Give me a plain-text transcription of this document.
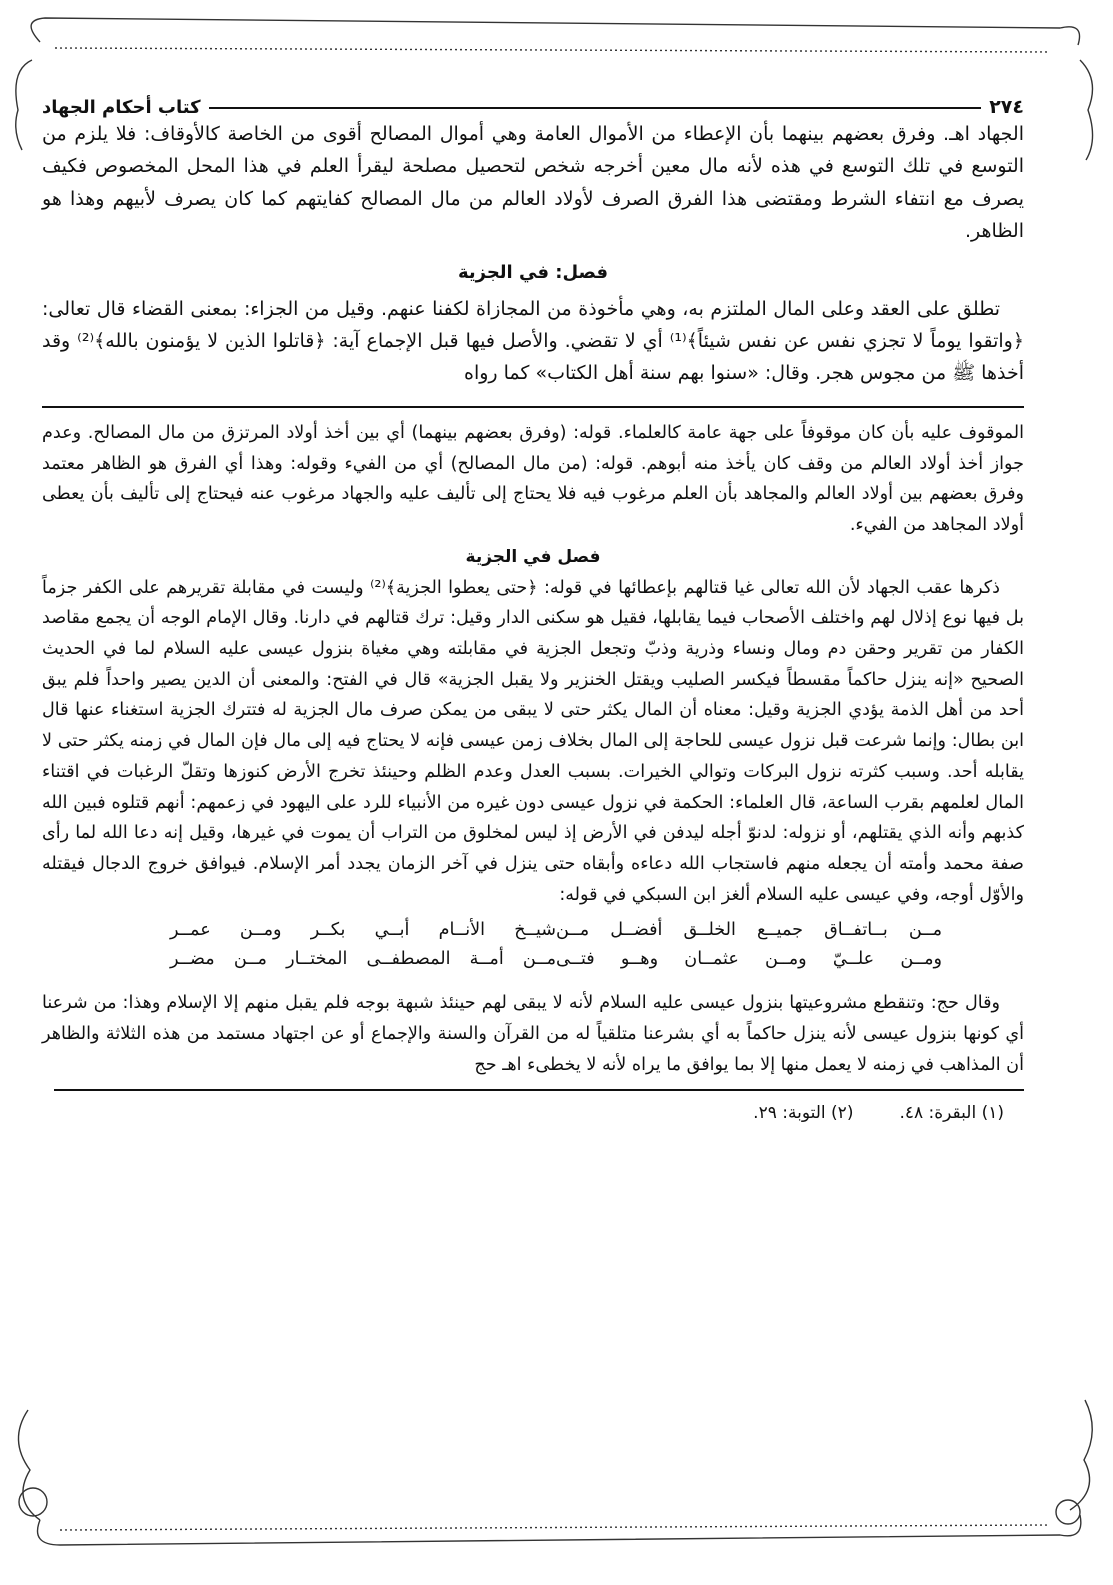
٢٧٤
كتاب أحكام الجهاد

الجهاد اهـ. وفرق بعضهم بينهما بأن الإعطاء من الأموال العامة وهي أموال المصالح أقوى من الخاصة كالأوقاف: فلا يلزم من التوسع في تلك التوسع في هذه لأنه مال معين أخرجه شخص لتحصيل مصلحة ليقرأ العلم في هذا المحل المخصوص فكيف يصرف مع انتفاء الشرط ومقتضى هذا الفرق الصرف لأولاد العالم من مال المصالح كفايتهم كما كان يصرف لأبيهم وهذا هو الظاهر.

فصل: في الجزية

تطلق على العقد وعلى المال الملتزم به، وهي مأخوذة من المجازاة لكفنا عنهم. وقيل من الجزاء: بمعنى القضاء قال تعالى: ﴿واتقوا يوماً لا تجزي نفس عن نفس شيئاً﴾⁽¹⁾ أي لا تقضي. والأصل فيها قبل الإجماع آية: ﴿قاتلوا الذين لا يؤمنون بالله﴾⁽²⁾ وقد أخذها ﷺ من مجوس هجر. وقال: «سنوا بهم سنة أهل الكتاب» كما رواه

الموقوف عليه بأن كان موقوفاً على جهة عامة كالعلماء. قوله: (وفرق بعضهم بينهما) أي بين أخذ أولاد المرتزق من مال المصالح. وعدم جواز أخذ أولاد العالم من وقف كان يأخذ منه أبوهم. قوله: (من مال المصالح) أي من الفيء وقوله: وهذا أي الفرق هو الظاهر معتمد وفرق بعضهم بين أولاد العالم والمجاهد بأن العلم مرغوب فيه فلا يحتاج إلى تأليف عليه والجهاد مرغوب عنه فيحتاج إلى تأليف بأن يعطى أولاد المجاهد من الفيء.

فصل في الجزية

ذكرها عقب الجهاد لأن الله تعالى غيا قتالهم بإعطائها في قوله: ﴿حتى يعطوا الجزية﴾⁽²⁾ وليست في مقابلة تقريرهم على الكفر جزماً بل فيها نوع إذلال لهم واختلف الأصحاب فيما يقابلها، فقيل هو سكنى الدار وقيل: ترك قتالهم في دارنا. وقال الإمام الوجه أن يجمع مقاصد الكفار من تقرير وحقن دم ومال ونساء وذرية وذبّ وتجعل الجزية في مقابلته وهي مغياة بنزول عيسى عليه السلام لما في الحديث الصحيح «إنه ينزل حاكماً مقسطاً فيكسر الصليب ويقتل الخنزير ولا يقبل الجزية» قال في الفتح: والمعنى أن الدين يصير واحداً فلم يبق أحد من أهل الذمة يؤدي الجزية وقيل: معناه أن المال يكثر حتى لا يبقى من يمكن صرف مال الجزية له فتترك الجزية استغناء عنها قال ابن بطال: وإنما شرعت قبل نزول عيسى للحاجة إلى المال بخلاف زمن عيسى فإنه لا يحتاج فيه إلى مال فإن المال في زمنه يكثر حتى لا يقابله أحد. وسبب كثرته نزول البركات وتوالي الخيرات. بسبب العدل وعدم الظلم وحينئذ تخرج الأرض كنوزها وتقلّ الرغبات في اقتناء المال لعلمهم بقرب الساعة، قال العلماء: الحكمة في نزول عيسى دون غيره من الأنبياء للرد على اليهود في زعمهم: أنهم قتلوه فبين الله كذبهم وأنه الذي يقتلهم، أو نزوله: لدنوّ أجله ليدفن في الأرض إذ ليس لمخلوق من التراب أن يموت في غيرها، وقيل إنه دعا الله لما رأى صفة محمد وأمته أن يجعله منهم فاستجاب الله دعاءه وأبقاه حتى ينزل في آخر الزمان يجدد أمر الإسلام. فيوافق خروج الدجال فيقتله والأوّل أوجه، وفي عيسى عليه السلام ألغز ابن السبكي في قوله:

مــن بــاتفــاق جميــع الخلــق أفضــل مــن
شيــخ الأنــام أبــي بكــر ومــن عمــر
ومــن علــيّ ومــن عثمــان وهــو فتــى
مــن أمــة المصطفــى المختــار مــن مضــر

وقال حج: وتنقطع مشروعيتها بنزول عيسى عليه السلام لأنه لا يبقى لهم حينئذ شبهة بوجه فلم يقبل منهم إلا الإسلام وهذا: من شرعنا أي كونها بنزول عيسى لأنه ينزل حاكماً به أي بشرعنا متلقياً له من القرآن والسنة والإجماع أو عن اجتهاد مستمد من هذه الثلاثة والظاهر أن المذاهب في زمنه لا يعمل منها إلا بما يوافق ما يراه لأنه لا يخطىء اهـ حج

(١) البقرة: ٤٨.
(٢) التوبة: ٢٩.
